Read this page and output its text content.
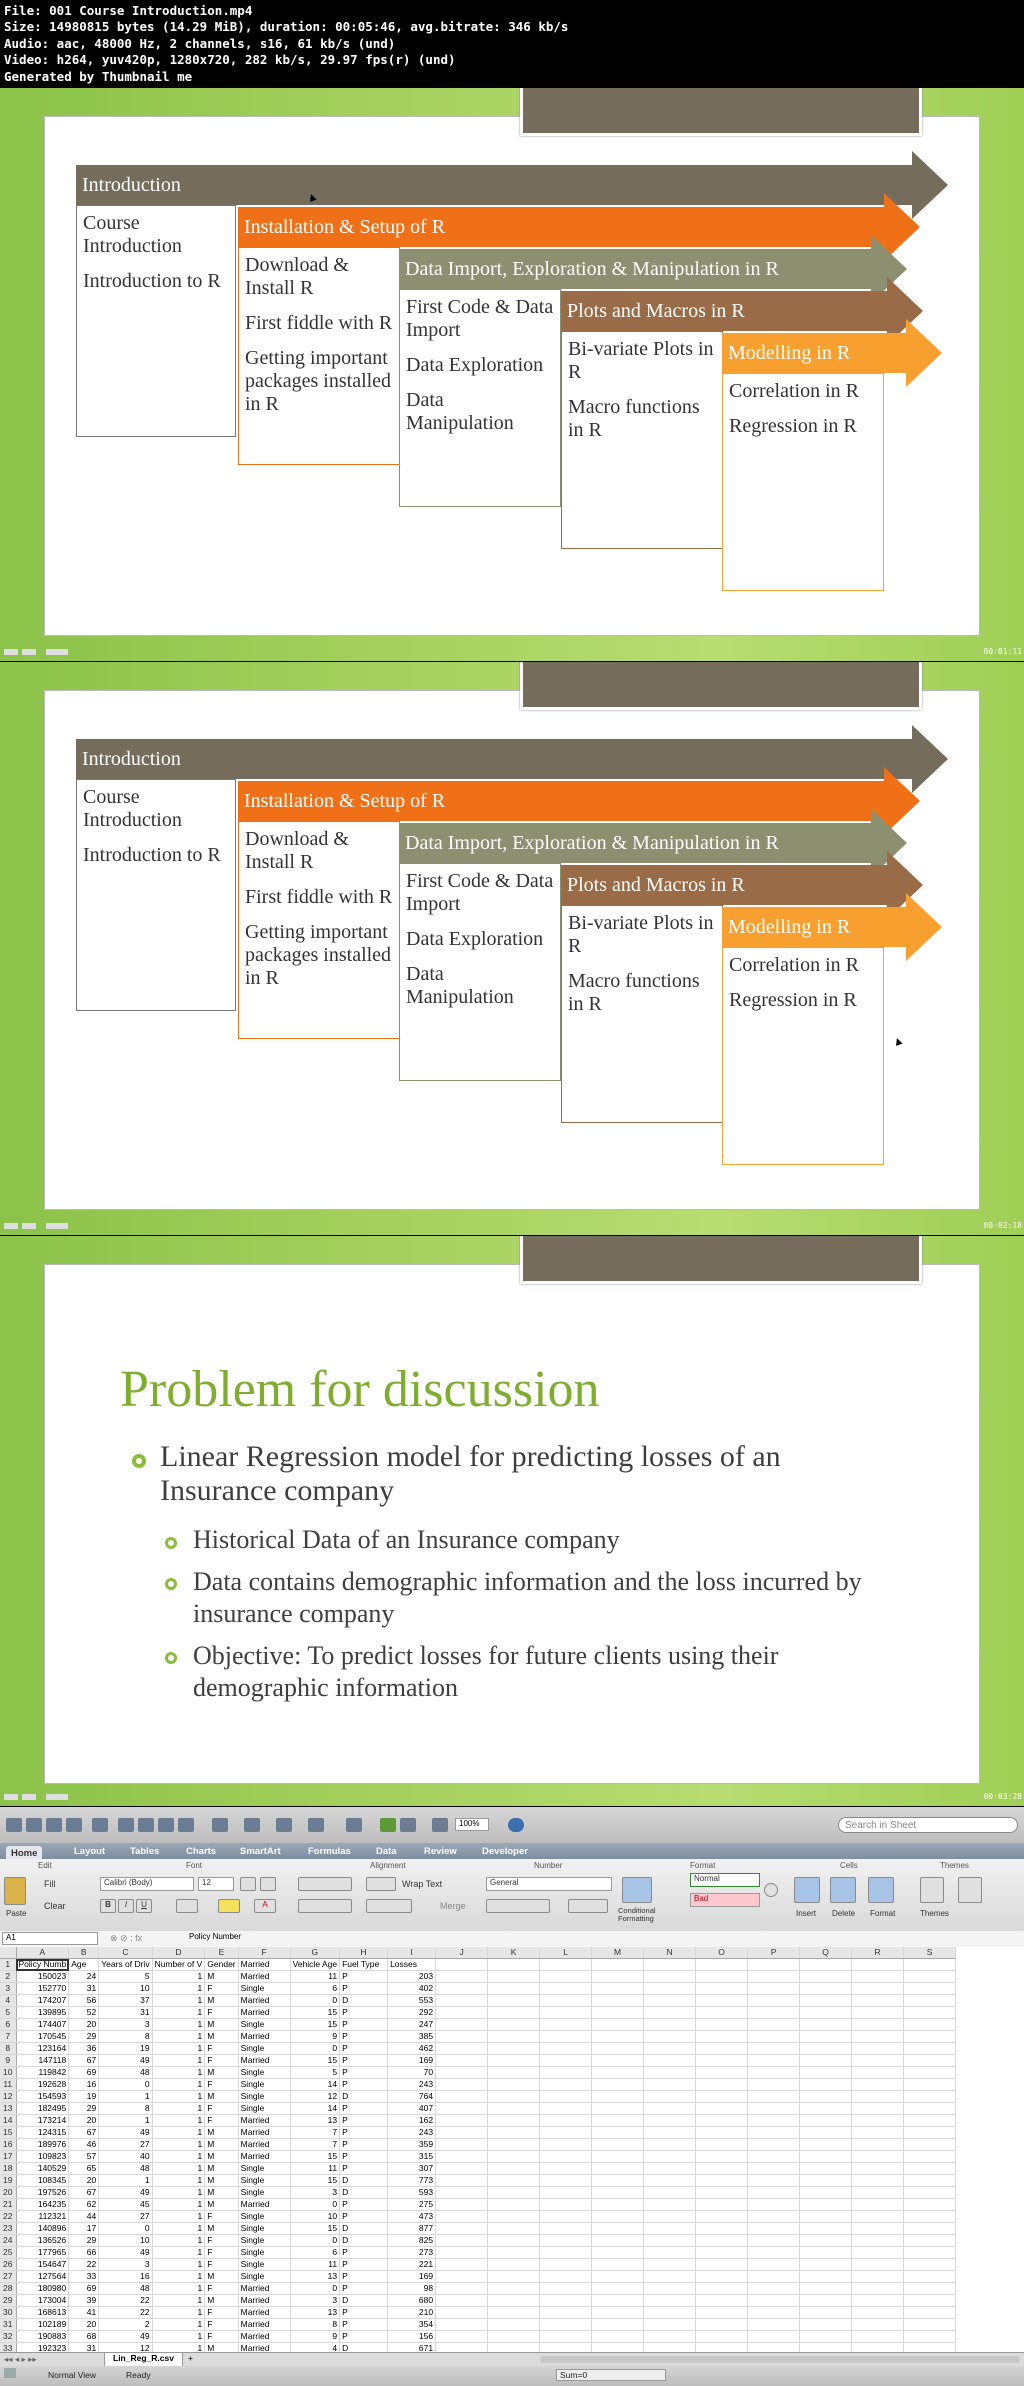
File: 001 Course Introduction.mp4
Size: 14980815 bytes (14.29 MiB), duration: 00:05:46, avg.bitrate: 346 kb/s
Audio: aac, 48000 Hz, 2 channels, s16, 61 kb/s (und)
Video: h264, yuv420p, 1280x720, 282 kb/s, 29.97 fps(r) (und)
Generated by Thumbnail me

Course Introduction

Introduction to R

Introduction

Download & Install R

First fiddle with R

Getting important packages installed in R

Installation & Setup of R

First Code & Data Import

Data Exploration

Data Manipulation

Data Import, Exploration & Manipulation in R

Bi-variate Plots in R

Macro functions in R

Plots and Macros in R

Correlation in R

Regression in R

Modelling in R
00:01:11

Course Introduction

Introduction to R

Introduction

Download & Install R

First fiddle with R

Getting important packages installed in R

Installation & Setup of R

First Code & Data Import

Data Exploration

Data Manipulation

Data Import, Exploration & Manipulation in R

Bi-variate Plots in R

Macro functions in R

Plots and Macros in R

Correlation in R

Regression in R

Modelling in R
00:02:18
00:03:28
Problem for discussion
Linear Regression model for predicting losses of an Insurance company
Historical Data of an Insurance company
Data contains demographic information and the loss incurred by insurance company
Objective: To predict losses for future clients using their demographic information
100%	Search in Sheet
Home	Layout	Tables	Charts	SmartArt	Formulas	Data	Review	Developer
Edit	Font	Alignment	Number	Format	Cells	Themes
Paste
Fill
Clear
Calibri (Body)	12
B	I	U	A
Wrap Text
Merge
General
Conditional Formatting
Normal
Bad
Insert Delete Format	Themes
A1	⊗ ⊘ : fx	Policy Number
	A	B	C	D	E	F	G	H	I	J	K	L	M	N	O	P	Q	R	S
1	Policy Numb	Age	Years of Driv	Number of V	Gender	Married	Vehicle Age	Fuel Type	Losses										
2	150023	24	5	1	M	Married	11	P	203										
3	152770	31	10	1	F	Single	6	P	402										
4	174207	56	37	1	M	Married	0	D	553										
5	139895	52	31	1	F	Married	15	P	292										
6	174407	20	3	1	M	Single	15	P	247										
7	170545	29	8	1	M	Married	9	P	385										
8	123164	36	19	1	F	Single	0	P	462										
9	147118	67	49	1	F	Married	15	P	169										
10	119842	69	48	1	M	Single	5	P	70										
11	192628	16	0	1	F	Single	14	P	243										
12	154593	19	1	1	M	Single	12	D	764										
13	182495	29	8	1	F	Single	14	P	407										
14	173214	20	1	1	F	Married	13	P	162										
15	124315	67	49	1	M	Married	7	P	243										
16	189976	46	27	1	M	Married	7	P	359										
17	109823	57	40	1	M	Married	15	P	315										
18	140529	65	48	1	M	Single	11	P	307										
19	108345	20	1	1	M	Single	15	D	773										
20	197526	67	49	1	M	Single	3	D	593										
21	164235	62	45	1	M	Married	0	P	275										
22	112321	44	27	1	F	Single	10	P	473										
23	140896	17	0	1	M	Single	15	D	877										
24	136526	29	10	1	F	Single	0	D	825										
25	177965	66	49	1	F	Single	6	P	273										
26	154647	22	3	1	F	Single	11	P	221										
27	127564	33	16	1	M	Single	13	P	169										
28	180980	69	48	1	F	Married	0	P	98										
29	173004	39	22	1	M	Married	3	D	680										
30	168613	41	22	1	F	Married	13	P	210										
31	102189	20	2	1	F	Married	8	P	354										
32	190883	68	49	1	F	Married	9	P	156										
33	192323	31	12	1	M	Married	4	D	671										
◂◂ ◂ ▸ ▸▸	Lin_Reg_R.csv	+
Normal View	Ready	Sum=0
▲
▲
